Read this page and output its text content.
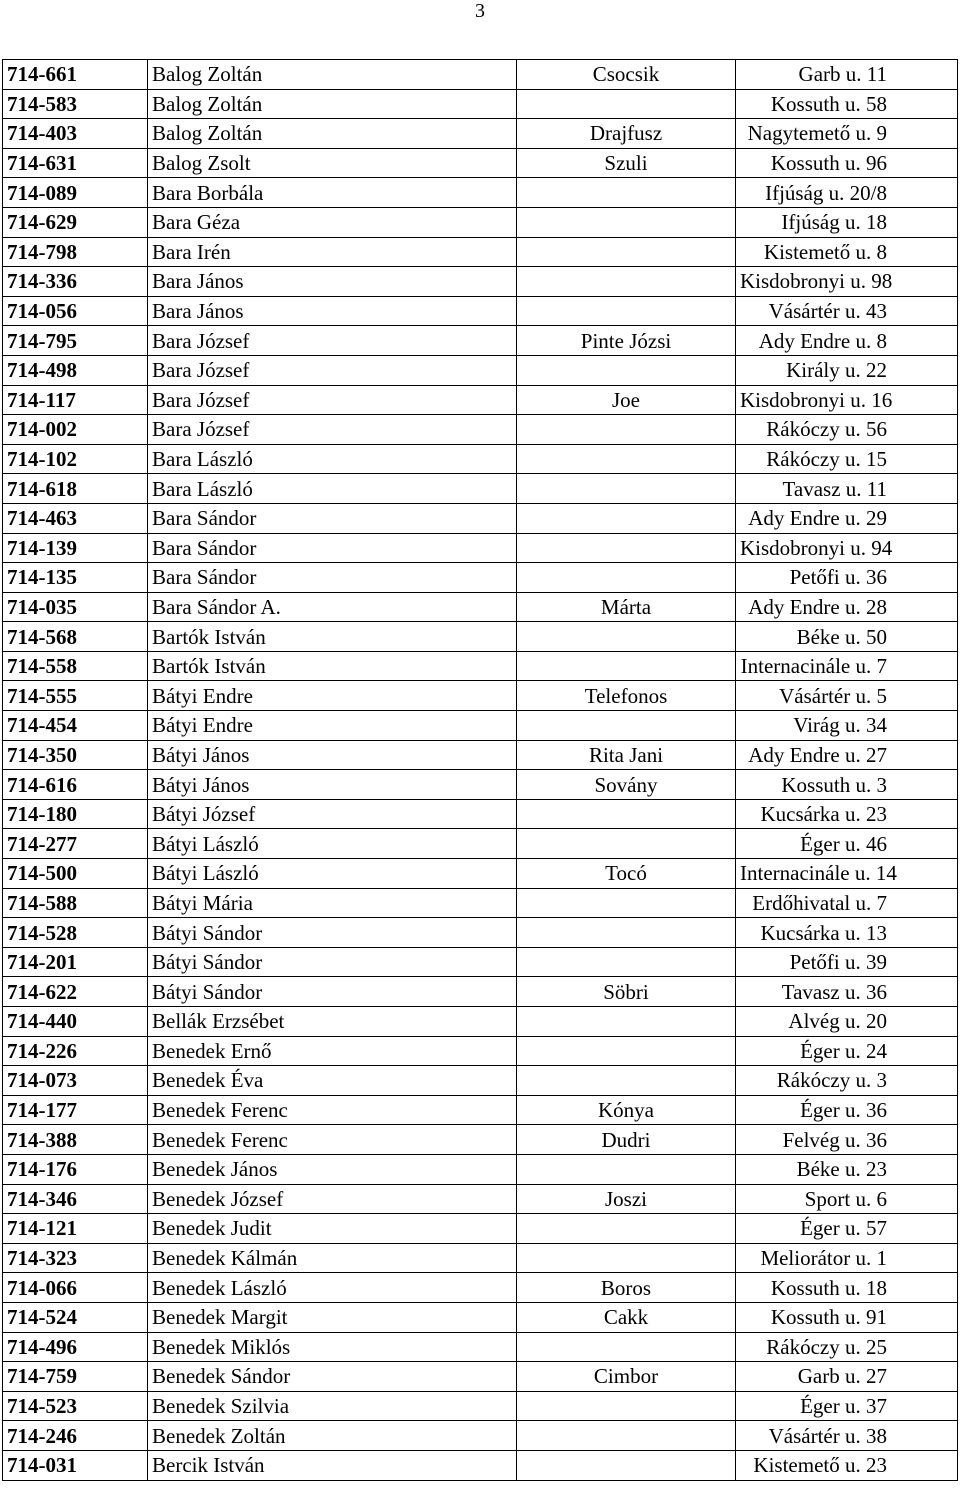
3
714-661	Balog Zoltán	Csocsik	Garb u. 11
714-583	Balog Zoltán		Kossuth u. 58
714-403	Balog Zoltán	Drajfusz	Nagytemető u. 9
714-631	Balog Zsolt	Szuli	Kossuth u. 96
714-089	Bara Borbála		Ifjúság u. 20/8
714-629	Bara Géza		Ifjúság u. 18
714-798	Bara Irén		Kistemető u. 8
714-336	Bara János		Kisdobronyi u. 98
714-056	Bara János		Vásártér u. 43
714-795	Bara József	Pinte Józsi	Ady Endre u. 8
714-498	Bara József		Király u. 22
714-117	Bara József	Joe	Kisdobronyi u. 16
714-002	Bara József		Rákóczy u. 56
714-102	Bara László		Rákóczy u. 15
714-618	Bara László		Tavasz u. 11
714-463	Bara Sándor		Ady Endre u. 29
714-139	Bara Sándor		Kisdobronyi u. 94
714-135	Bara Sándor		Petőfi u. 36
714-035	Bara Sándor A.	Márta	Ady Endre u. 28
714-568	Bartók István		Béke u. 50
714-558	Bartók István		Internacinále u. 7
714-555	Bátyi Endre	Telefonos	Vásártér u. 5
714-454	Bátyi Endre		Virág u. 34
714-350	Bátyi János	Rita Jani	Ady Endre u. 27
714-616	Bátyi János	Sovány	Kossuth u. 3
714-180	Bátyi József		Kucsárka u. 23
714-277	Bátyi László		Éger u. 46
714-500	Bátyi László	Tocó	Internacinále u. 14
714-588	Bátyi Mária		Erdőhivatal u. 7
714-528	Bátyi Sándor		Kucsárka u. 13
714-201	Bátyi Sándor		Petőfi u. 39
714-622	Bátyi Sándor	Söbri	Tavasz u. 36
714-440	Bellák Erzsébet		Alvég u. 20
714-226	Benedek Ernő		Éger u. 24
714-073	Benedek Éva		Rákóczy u. 3
714-177	Benedek Ferenc	Kónya	Éger u. 36
714-388	Benedek Ferenc	Dudri	Felvég u. 36
714-176	Benedek János		Béke u. 23
714-346	Benedek József	Joszi	Sport u. 6
714-121	Benedek Judit		Éger u. 57
714-323	Benedek Kálmán		Meliorátor u. 1
714-066	Benedek László	Boros	Kossuth u. 18
714-524	Benedek Margit	Cakk	Kossuth u. 91
714-496	Benedek Miklós		Rákóczy u. 25
714-759	Benedek Sándor	Cimbor	Garb u. 27
714-523	Benedek Szilvia		Éger u. 37
714-246	Benedek Zoltán		Vásártér u. 38
714-031	Bercik István		Kistemető u. 23
